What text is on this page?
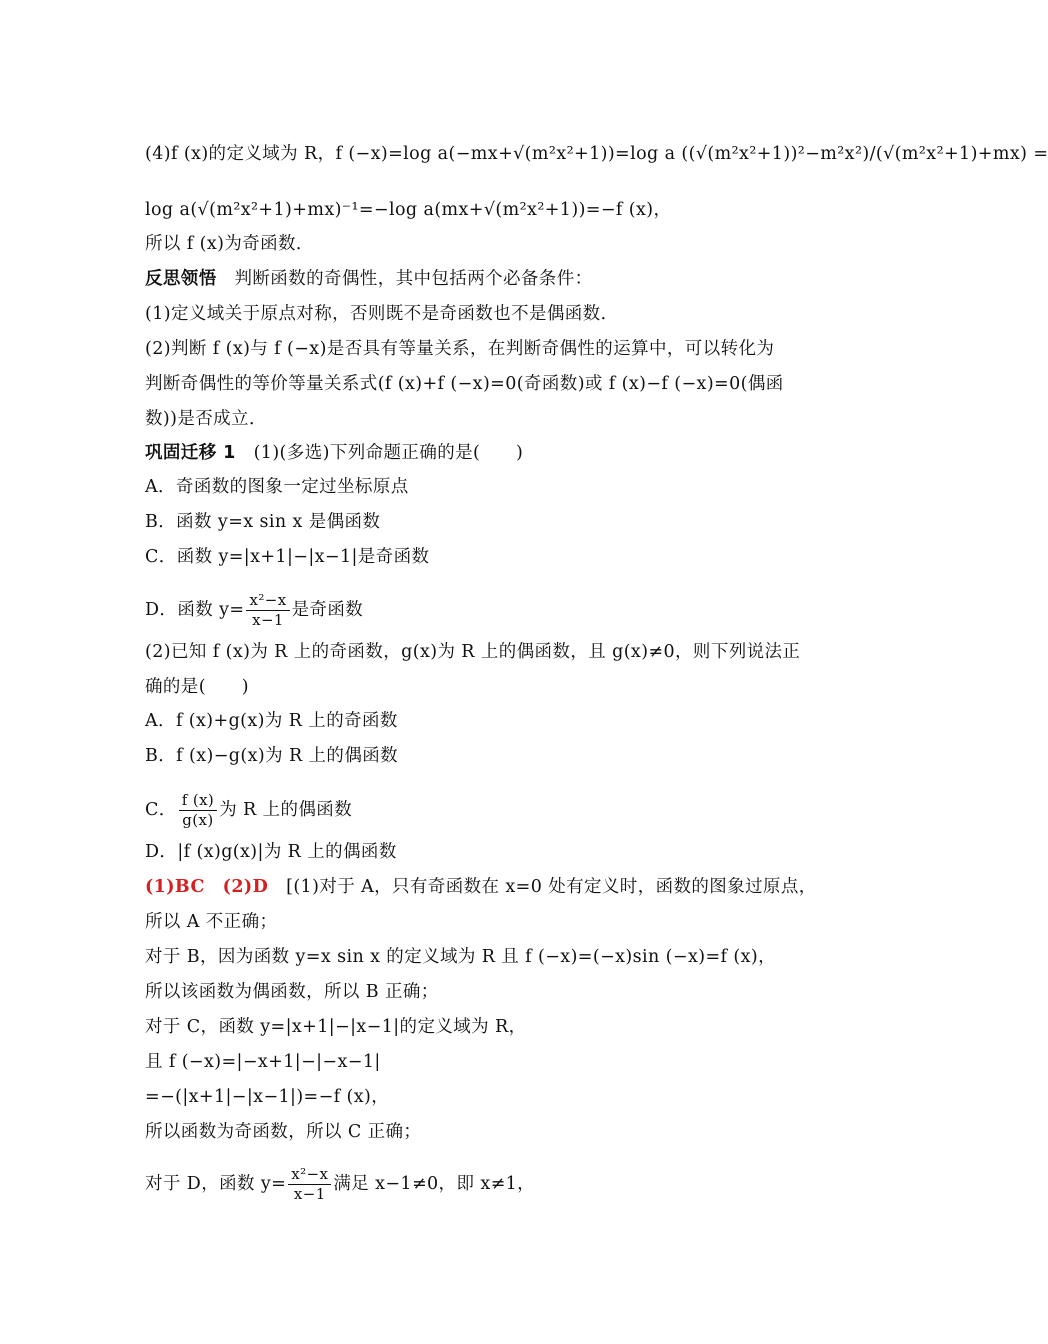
(4)f (x)的定义域为 R，f (−x)=log a(−mx+√(m²x²+1))=log a ((√(m²x²+1))²−m²x²)/(√(m²x²+1)+mx) =
log a(√(m²x²+1)+mx)⁻¹=−log a(mx+√(m²x²+1))=−f (x)，
所以 f (x)为奇函数．
反思领悟　判断函数的奇偶性，其中包括两个必备条件：
(1)定义域关于原点对称，否则既不是奇函数也不是偶函数．
(2)判断 f (x)与 f (−x)是否具有等量关系，在判断奇偶性的运算中，可以转化为
判断奇偶性的等价等量关系式(f (x)+f (−x)=0(奇函数)或 f (x)−f (−x)=0(偶函
数))是否成立．
巩固迁移 1　(1)(多选)下列命题正确的是(　　)
A．奇函数的图象一定过坐标原点
B．函数 y=x sin x 是偶函数
C．函数 y=|x+1|−|x−1|是奇函数
D．函数 $y= \frac{\text{x²−x}}{x-1}$ 是奇函数
(2)已知 f (x)为 R 上的奇函数，g(x)为 R 上的偶函数，且 g(x)≠0，则下列说法正
确的是(　　)
A．f (x)+g(x)为 R 上的奇函数
B．f (x)−g(x)为 R 上的偶函数
C． $\frac{f (x)}{g(x)}$ 为 R 上的偶函数
D．|f (x)g(x)|为 R 上的偶函数
(1)BC　(2)D　[(1)对于 A，只有奇函数在 x=0 处有定义时，函数的图象过原点，
所以 A 不正确；
对于 B，因为函数 y=x sin x 的定义域为 R 且 f (−x)=(−x)sin (−x)=f (x)，
所以该函数为偶函数，所以 B 正确；
对于 C，函数 y=|x+1|−|x−1|的定义域为 R，
且 f (−x)=|−x+1|−|−x−1|
=−(|x+1|−|x−1|)=−f (x)，
所以函数为奇函数，所以 C 正确；
对于 D，函数 $y= \frac{\text{x²−x}}{x-1}$ 满足 x−1≠0，即 x≠1，
